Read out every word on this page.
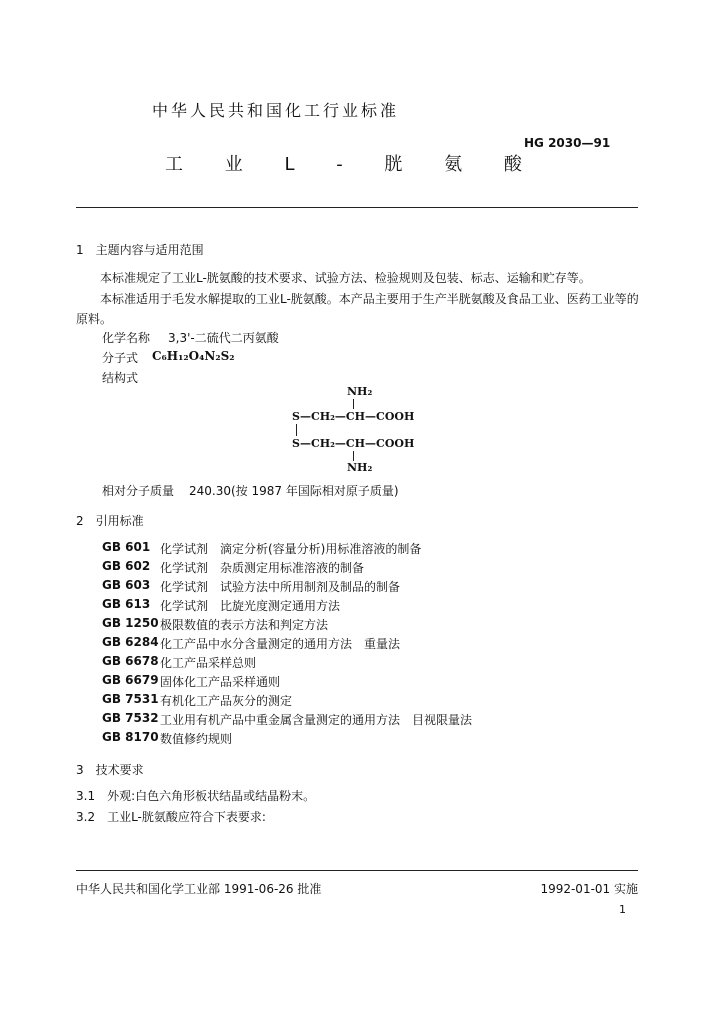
中华人民共和国化工行业标准
HG 2030—91
工 业 L - 胱 氨 酸
1　主题内容与适用范围
本标准规定了工业L-胱氨酸的技术要求、试验方法、检验规则及包装、标志、运输和贮存等。
本标准适用于毛发水解提取的工业L-胱氨酸。本产品主要用于生产半胱氨酸及食品工业、医药工业等的原料。
化学名称 3,3'-二硫代二丙氨酸
分子式 C₆H₁₂O₄N₂S₂
结构式
NH₂
S—CH₂—CH—COOH
S—CH₂—CH—COOH
NH₂
相对分子质量 240.30(按 1987 年国际相对原子质量)
2　引用标准
GB 601 化学试剂　滴定分析(容量分析)用标准溶液的制备
GB 602 化学试剂　杂质测定用标准溶液的制备
GB 603 化学试剂　试验方法中所用制剂及制品的制备
GB 613 化学试剂　比旋光度测定通用方法
GB 1250 极限数值的表示方法和判定方法
GB 6284 化工产品中水分含量测定的通用方法　重量法
GB 6678 化工产品采样总则
GB 6679 固体化工产品采样通则
GB 7531 有机化工产品灰分的测定
GB 7532 工业用有机产品中重金属含量测定的通用方法　目视限量法
GB 8170 数值修约规则
3　技术要求
3.1　外观:白色六角形板状结晶或结晶粉末。
3.2　工业L-胱氨酸应符合下表要求:
中华人民共和国化学工业部 1991-06-26 批准	1992-01-01 实施
1
